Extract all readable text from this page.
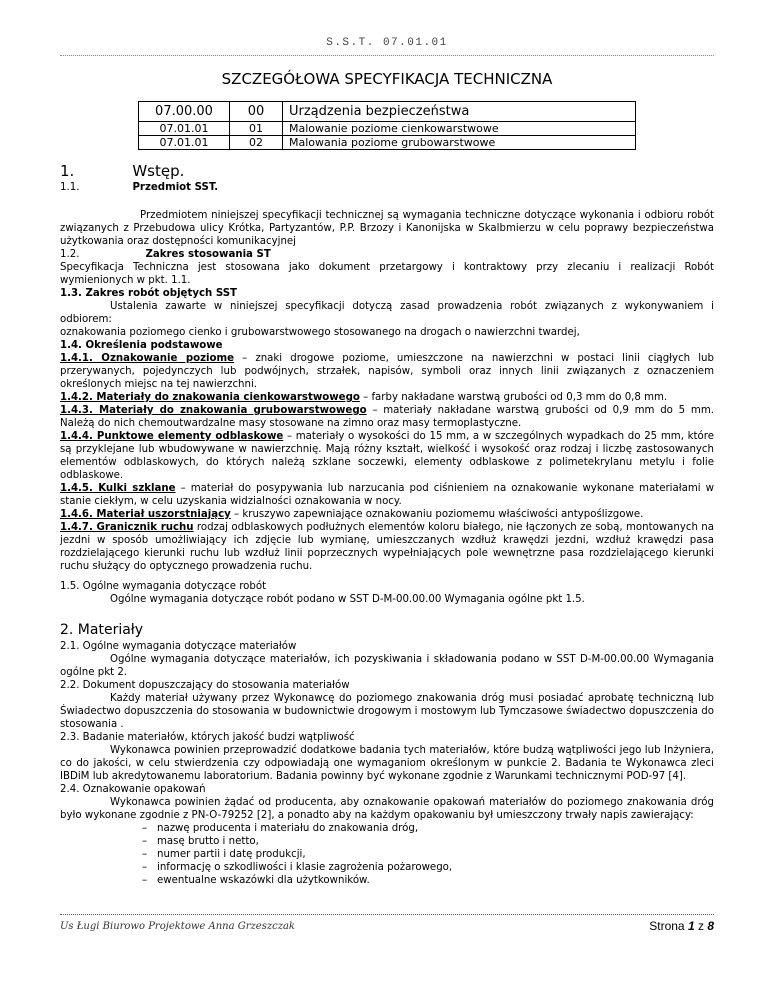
S.S.T. 07.01.01
SZCZEGÓŁOWA SPECYFIKACJA TECHNICZNA
07.00.00	00	Urządzenia bezpieczeństwa
07.01.01	01	Malowanie poziome cienkowarstwowe
07.01.01	02	Malowania poziome grubowarstwowe
1.	Wstęp.
1.1.	Przedmiot SST.

Przedmiotem niniejszej specyfikacji technicznej są wymagania techniczne dotyczące wykonania i odbioru robót związanych z Przebudowa ulicy Krótka, Partyzantów, P.P. Brzozy i Kanonijska w Skalbmierzu w celu poprawy bezpieczeństwa użytkowania oraz dostępności komunikacyjnej

1.2.	Zakres stosowania ST

Specyfikacja Techniczna jest stosowana jako dokument przetargowy i kontraktowy przy zlecaniu i realizacji Robót wymienionych w pkt. 1.1.

1.3. Zakres robót objętych SST

Ustalenia zawarte w niniejszej specyfikacji dotyczą zasad prowadzenia robót związanych z wykonywaniem i odbiorem:

oznakowania poziomego cienko i grubowarstwowego stosowanego na drogach o nawierzchni twardej,

1.4. Określenia podstawowe

1.4.1. Oznakowanie poziome – znaki drogowe poziome, umieszczone na nawierzchni w postaci linii ciągłych lub przerywanych, pojedynczych lub podwójnych, strzałek, napisów, symboli oraz innych linii związanych z oznaczeniem określonych miejsc na tej nawierzchni.

1.4.2. Materiały do znakowania cienkowarstwowego – farby nakładane warstwą grubości od 0,3 mm do 0,8 mm.

1.4.3. Materiały do znakowania grubowarstwowego – materiały nakładane warstwą grubości od 0,9 mm do 5 mm. Należą do nich chemoutwardzalne masy stosowane na zimno oraz masy termoplastyczne.

1.4.4. Punktowe elementy odblaskowe – materiały o wysokości do 15 mm, a w szczególnych wypadkach do 25 mm, które są przyklejane lub wbudowywane w nawierzchnię. Mają różny kształt, wielkość i wysokość oraz rodzaj i liczbę zastosowanych elementów odblaskowych, do których należą szklane soczewki, elementy odblaskowe z polimetekrylanu metylu i folie odblaskowe.

1.4.5. Kulki szklane – materiał do posypywania lub narzucania pod ciśnieniem na oznakowanie wykonane materiałami w stanie ciekłym, w celu uzyskania widzialności oznakowania w nocy.

1.4.6. Materiał uszorstniający – kruszywo zapewniające oznakowaniu poziomemu właściwości antypoślizgowe.

1.4.7. Granicznik ruchu rodzaj odblaskowych podłużnych elementów koloru białego, nie łączonych ze sobą, montowanych na jezdni w sposób umożliwiający ich zdjęcie lub wymianę, umieszczanych wzdłuż krawędzi jezdni, wzdłuż krawędzi pasa rozdzielającego kierunki ruchu lub wzdłuż linii poprzecznych wypełniających pole wewnętrzne pasa rozdzielającego kierunki ruchu służący do optycznego prowadzenia ruchu.

1.5. Ogólne wymagania dotyczące robót

Ogólne wymagania dotyczące robót podano w SST D-M-00.00.00 Wymagania ogólne pkt 1.5.

2. Materiały

2.1. Ogólne wymagania dotyczące materiałów

Ogólne wymagania dotyczące materiałów, ich pozyskiwania i składowania podano w SST D-M-00.00.00 Wymagania ogólne pkt 2.

2.2. Dokument dopuszczający do stosowania materiałów

Każdy materiał używany przez Wykonawcę do poziomego znakowania dróg musi posiadać aprobatę techniczną lub Świadectwo dopuszczenia do stosowania w budownictwie drogowym i mostowym lub Tymczasowe świadectwo dopuszczenia do stosowania .

2.3. Badanie materiałów, których jakość budzi wątpliwość

Wykonawca powinien przeprowadzić dodatkowe badania tych materiałów, które budzą wątpliwości jego lub Inżyniera, co do jakości, w celu stwierdzenia czy odpowiadają one wymaganiom określonym w punkcie 2. Badania te Wykonawca zleci IBDiM lub akredytowanemu laboratorium. Badania powinny być wykonane zgodnie z Warunkami technicznymi POD-97 [4].

2.4. Oznakowanie opakowań

Wykonawca powinien żądać od producenta, aby oznakowanie opakowań materiałów do poziomego znakowania dróg było wykonane zgodnie z PN-O-79252 [2], a ponadto aby na każdym opakowaniu był umieszczony trwały napis zawierający:

– nazwę producenta i materiału do znakowania dróg,
– masę brutto i netto,
– numer partii i datę produkcji,
– informację o szkodliwości i klasie zagrożenia pożarowego,
– ewentualne wskazówki dla użytkowników.
Us Ługi Biurowo Projektowe Anna Grzeszczak	Strona 1 z 8
